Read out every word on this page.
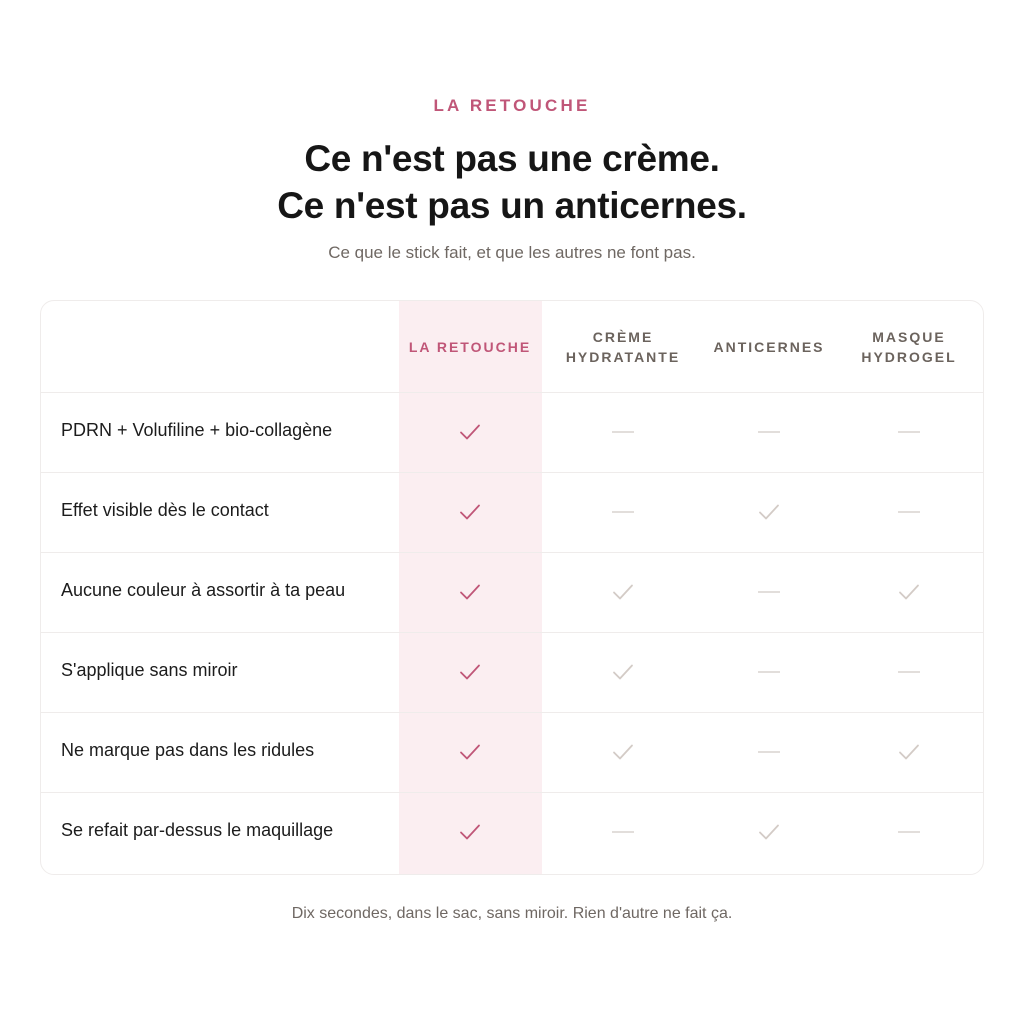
LA RETOUCHE
Ce n'est pas une crème.
Ce n'est pas un anticernes.
Ce que le stick fait, et que les autres ne font pas.
LA RETOUCHE
CRÈME
HYDRATANTE
ANTICERNES
MASQUE
HYDROGEL
PDRN + Volufiline + bio-collagène
Effet visible dès le contact
Aucune couleur à assortir à ta peau
S'applique sans miroir
Ne marque pas dans les ridules
Se refait par-dessus le maquillage
Dix secondes, dans le sac, sans miroir. Rien d'autre ne fait ça.
